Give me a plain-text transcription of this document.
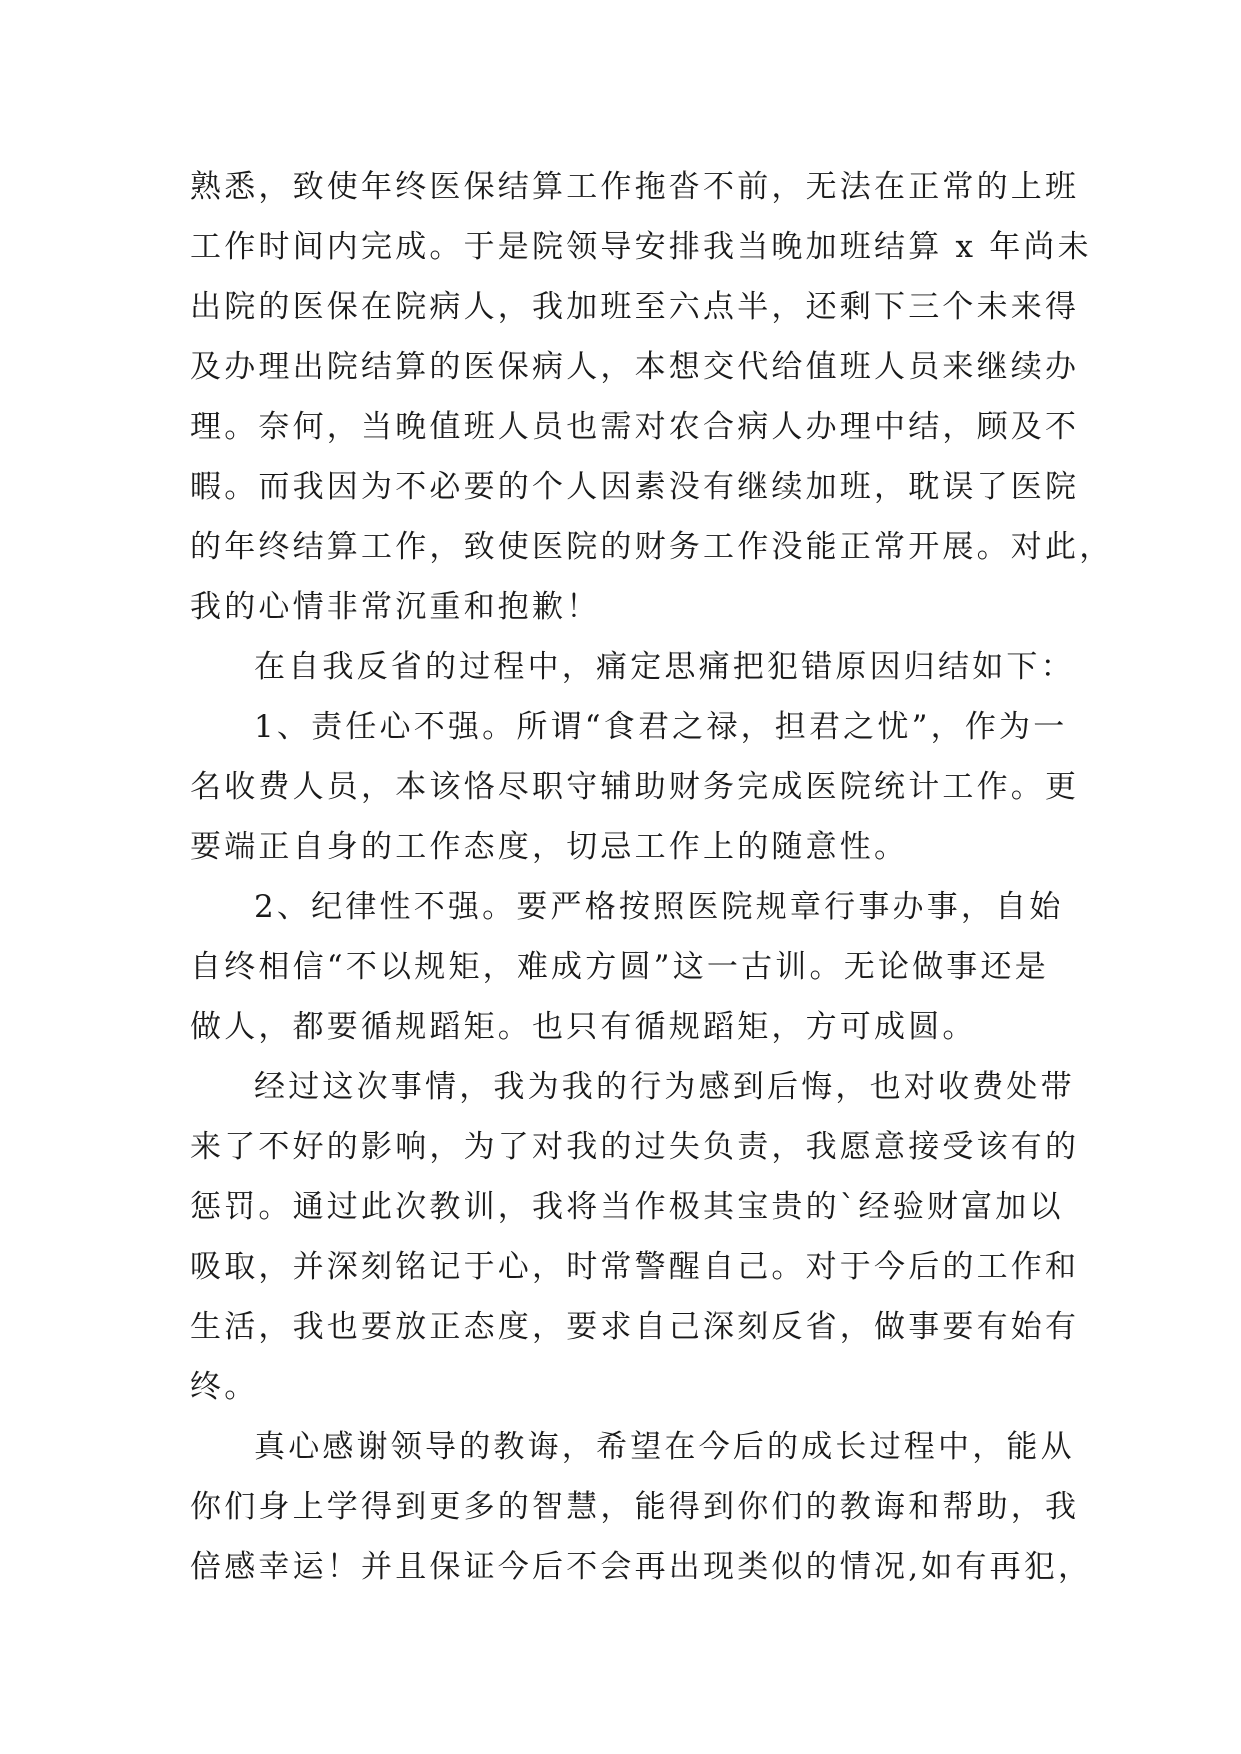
熟悉，致使年终医保结算工作拖沓不前，无法在正常的上班
工作时间内完成。于是院领导安排我当晚加班结算 x 年尚未
出院的医保在院病人，我加班至六点半，还剩下三个未来得
及办理出院结算的医保病人，本想交代给值班人员来继续办
理。奈何，当晚值班人员也需对农合病人办理中结，顾及不
暇。而我因为不必要的个人因素没有继续加班，耽误了医院
的年终结算工作，致使医院的财务工作没能正常开展。对此，
我的心情非常沉重和抱歉！
在自我反省的过程中，痛定思痛把犯错原因归结如下：
1、责任心不强。所谓“食君之禄，担君之忧”，作为一
名收费人员，本该恪尽职守辅助财务完成医院统计工作。更
要端正自身的工作态度，切忌工作上的随意性。
2、纪律性不强。要严格按照医院规章行事办事，自始
自终相信“不以规矩，难成方圆”这一古训。无论做事还是
做人，都要循规蹈矩。也只有循规蹈矩，方可成圆。
经过这次事情，我为我的行为感到后悔，也对收费处带
来了不好的影响，为了对我的过失负责，我愿意接受该有的
惩罚。通过此次教训，我将当作极其宝贵的`经验财富加以
吸取，并深刻铭记于心，时常警醒自己。对于今后的工作和
生活，我也要放正态度，要求自己深刻反省，做事要有始有
终。
真心感谢领导的教诲，希望在今后的成长过程中，能从
你们身上学得到更多的智慧，能得到你们的教诲和帮助，我
倍感幸运！并且保证今后不会再出现类似的情况,如有再犯，
